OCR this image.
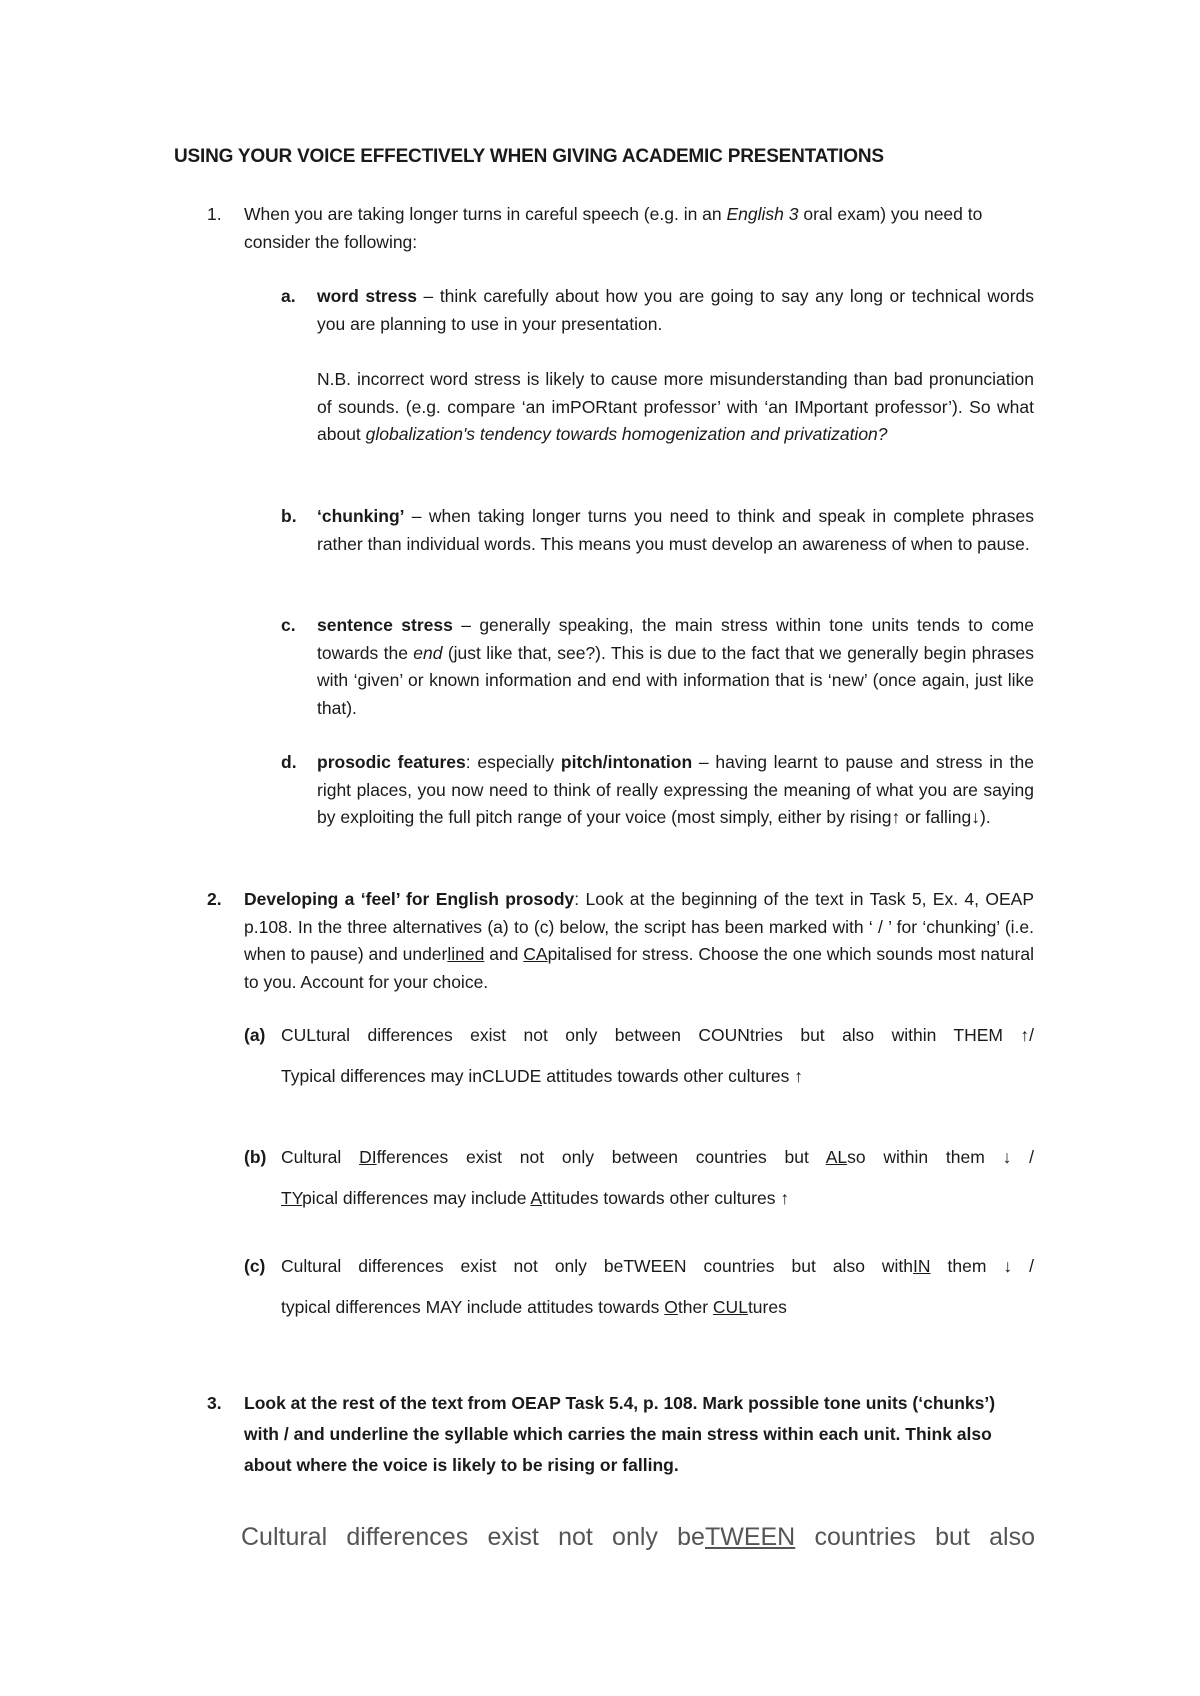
USING YOUR VOICE EFFECTIVELY WHEN GIVING ACADEMIC PRESENTATIONS
1. When you are taking longer turns in careful speech (e.g. in an English 3 oral exam) you need to consider the following:
a. word stress – think carefully about how you are going to say any long or technical words you are planning to use in your presentation.
N.B. incorrect word stress is likely to cause more misunderstanding than bad pronunciation of sounds. (e.g. compare ‘an imPORtant professor’ with ‘an IMportant professor’). So what about globalization's tendency towards homogenization and privatization?
b. ‘chunking’ – when taking longer turns you need to think and speak in complete phrases rather than individual words. This means you must develop an awareness of when to pause.
c. sentence stress – generally speaking, the main stress within tone units tends to come towards the end (just like that, see?). This is due to the fact that we generally begin phrases with ‘given’ or known information and end with information that is ‘new’ (once again, just like that).
d. prosodic features: especially pitch/intonation – having learnt to pause and stress in the right places, you now need to think of really expressing the meaning of what you are saying by exploiting the full pitch range of your voice (most simply, either by rising↑ or falling↓).
2. Developing a ‘feel’ for English prosody: Look at the beginning of the text in Task 5, Ex. 4, OEAP p.108. In the three alternatives (a) to (c) below, the script has been marked with ‘ / ’ for ‘chunking’ (i.e. when to pause) and underlined and CApitalised for stress. Choose the one which sounds most natural to you. Account for your choice.
(a) CULtural differences exist not only between COUNtries but also within THEM ↑/
Typical differences may inCLUDE attitudes towards other cultures ↑
(b) Cultural DIfferences exist not only between countries but ALso within them ↓ /
TYpical differences may include Attitudes towards other cultures ↑
(c) Cultural differences exist not only beTWEEN countries but also withIN them ↓ /
typical differences MAY include attitudes towards Other CULtures
3. Look at the rest of the text from OEAP Task 5.4, p. 108. Mark possible tone units (‘chunks’) with / and underline the syllable which carries the main stress within each unit. Think also about where the voice is likely to be rising or falling.
Cultural differences exist not only beTWEEN countries but also
